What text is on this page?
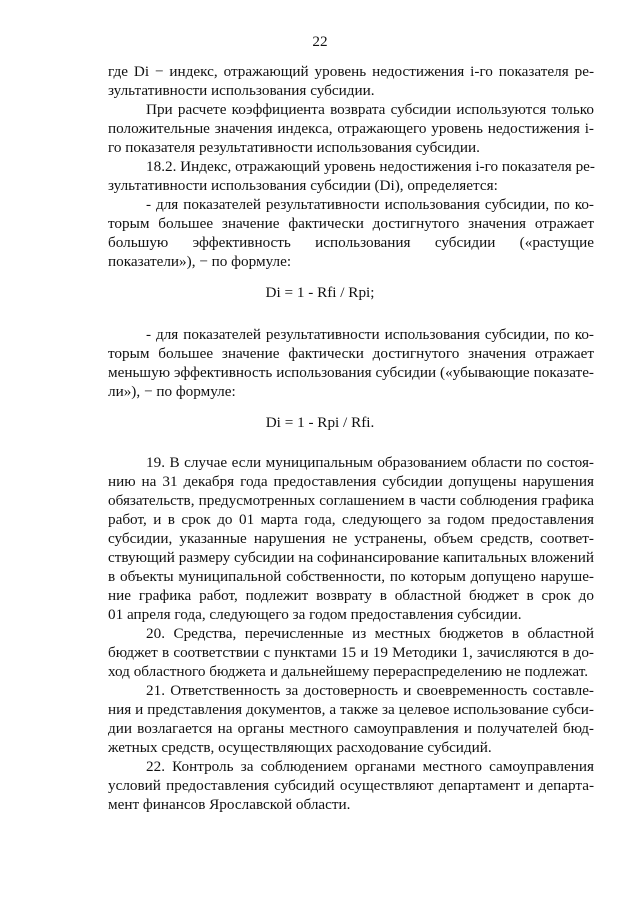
22
где Di − индекс, отражающий уровень недостижения i-го показателя ре-
зультативности использования субсидии.
При расчете коэффициента возврата субсидии используются только
положительные значения индекса, отражающего уровень недостижения i-
го показателя результативности использования субсидии.
18.2. Индекс, отражающий уровень недостижения i-го показателя ре-
зультативности использования субсидии (Di), определяется:
- для показателей результативности использования субсидии, по ко-
торым большее значение фактически достигнутого значения отражает
большую эффективность использования субсидии («растущие
показатели»), − по формуле:
Di = 1 - Rfi / Rpi;
- для показателей результативности использования субсидии, по ко-
торым большее значение фактически достигнутого значения отражает
меньшую эффективность использования субсидии («убывающие показате-
ли»), − по формуле:
Di = 1 - Rpi / Rfi.
19. В случае если муниципальным образованием области по состоя-
нию на 31 декабря года предоставления субсидии допущены нарушения
обязательств, предусмотренных соглашением в части соблюдения графика
работ, и в срок до 01 марта года, следующего за годом предоставления
субсидии, указанные нарушения не устранены, объем средств, соответ-
ствующий размеру субсидии на софинансирование капитальных вложений
в объекты муниципальной собственности, по которым допущено наруше-
ние графика работ, подлежит возврату в областной бюджет в срок до
01 апреля года, следующего за годом предоставления субсидии.
20. Средства, перечисленные из местных бюджетов в областной
бюджет в соответствии с пунктами 15 и 19 Методики 1, зачисляются в до-
ход областного бюджета и дальнейшему перераспределению не подлежат.
21. Ответственность за достоверность и своевременность составле-
ния и представления документов, а также за целевое использование субси-
дии возлагается на органы местного самоуправления и получателей бюд-
жетных средств, осуществляющих расходование субсидий.
22. Контроль за соблюдением органами местного самоуправления
условий предоставления субсидий осуществляют департамент и департа-
мент финансов Ярославской области.
